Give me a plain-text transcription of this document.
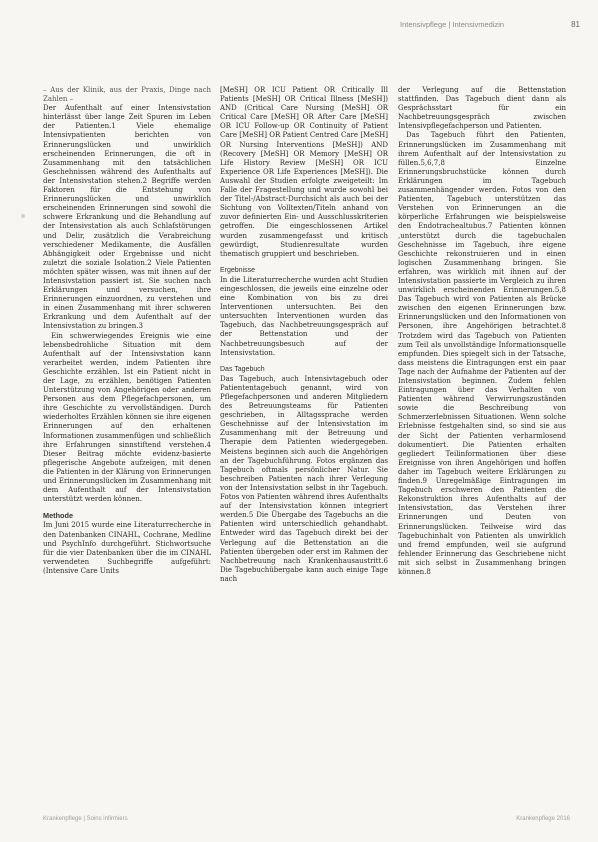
Intensivpflege | Intensivmedizin	81

– Aus der Klinik, aus der Praxis, Dinge nach Zahlen –

Der Aufenthalt auf einer Intensivstation hinterlässt über lange Zeit Spuren im Leben der Patienten.1 Viele ehemalige Intensivpatienten berichten von Erinnerungslücken und unwirklich erscheinenden Erinnerungen, die oft in Zusammenhang mit den tatsächlichen Geschehnissen während des Aufenthalts auf der Intensivstation stehen.2 Begriffe werden Faktoren für die Entstehung von Erinnerungslücken und unwirklich erscheinenden Erinnerungen sind sowohl die schwere Erkrankung und die Behandlung auf der Intensivstation als auch Schlafstörungen und Delir, zusätzlich die Verabreichung verschiedener Medikamente, die Ausfällen Abhängigkeit oder Ergebnisse und nicht zuletzt die soziale Isolation.2 Viele Patienten möchten später wissen, was mit ihnen auf der Intensivstation passiert ist. Sie suchen nach Erklärungen und versuchen, ihre Erinnerungen einzuordnen, zu verstehen und in einen Zusammenhang mit ihrer schweren Erkrankung und dem Aufenthalt auf der Intensivstation zu bringen.3

Ein schwerwiegendes Ereignis wie eine lebensbedrohliche Situation mit dem Aufenthalt auf der Intensivstation kann verarbeitet werden, indem Patienten ihre Geschichte erzählen. Ist ein Patient nicht in der Lage, zu erzählen, benötigen Patienten Unterstützung von Angehörigen oder anderen Personen aus dem Pflegefachpersonen, um ihre Geschichte zu vervollständigen. Durch wiederholtes Erzählen können sie ihre eigenen Erinnerungen auf den erhaltenen Informationen zusammenfügen und schließlich ihre Erfahrungen sinnstiftend verstehen.4 Dieser Beitrag möchte evidenz-basierte pflegerische Angebote aufzeigen, mit denen die Patienten in der Klärung von Erinnerungen und Erinnerungslücken im Zusammenhang mit dem Aufenthalt auf der Intensivstation unterstützt werden können.

Methode

Im Juni 2015 wurde eine Literaturrecherche in den Datenbanken CINAHL, Cochrane, Medline und PsychInfo durchgeführt. Stichwortsuche für die vier Datenbanken über die im CINAHL verwendeten Suchbegriffe aufgeführt: (Intensive Care Units

[MeSH] OR ICU Patient OR Critically Ill Patients [MeSH] OR Critical Illness [MeSH]) AND (Critical Care Nursing [MeSH] OR Critical Care [MeSH] OR After Care [MeSH] OR ICU Follow-up OR Continuity of Patient Care [MeSH] OR Patient Centred Care [MeSH] OR Nursing Interventions [MeSH]) AND (Recovery [MeSH] OR Memory [MeSH] OR Life History Review [MeSH] OR ICU Experience OR Life Experiences [MeSH]). Die Auswahl der Studien erfolgte zweigeteilt: Im Falle der Fragestellung und wurde sowohl bei der Titel-/Abstract-Durchsicht als auch bei der Sichtung von Volltexten/Titeln anhand von zuvor definierten Ein- und Ausschlusskriterien getroffen. Die eingeschlossenen Artikel wurden zusammengefasst und kritisch gewürdigt, Studienresultate wurden thematisch gruppiert und beschrieben.

Ergebnisse

In die Literaturrecherche wurden acht Studien eingeschlossen, die jeweils eine einzelne oder eine Kombination von bis zu drei Interventionen untersuchten. Bei den untersuchten Interventionen wurden das Tagebuch, das Nachbetreuungsgespräch auf der Bettenstation und der Nachbetreuungsbesuch auf der Intensivstation.

Das Tagebuch

Das Tagebuch, auch Intensivtagebuch oder Patiententagebuch genannt, wird von Pflegefachpersonen und anderen Mitgliedern des Betreuungsteams für Patienten geschrieben, in Alltagssprache werden Geschehnisse auf der Intensivstation im Zusammenhang mit der Betreuung und Therapie dem Patienten wiedergegeben. Meistens beginnen sich auch die Angehörigen an der Tagebuchführung. Fotos ergänzen das Tagebuch oftmals persönlicher Natur. Sie beschreiben Patienten nach ihrer Verlegung von der Intensivstation selbst in ihr Tagebuch. Fotos von Patienten während ihres Aufenthalts auf der Intensivstation können integriert werden.5 Die Übergabe des Tagebuchs an die Patienten wird unterschiedlich gehandhabt. Entweder wird das Tagebuch direkt bei der Verlegung auf die Bettenstation an die Patienten übergeben oder erst im Rahmen der Nachbetreuung nach Krankenhausaustritt.6 Die Tagebuchübergabe kann auch einige Tage nach

der Verlegung auf die Bettenstation stattfinden. Das Tagebuch dient dann als Gesprächsstart für ein Nachbetreuungsgespräch zwischen Intensivpflegefachperson und Patienten.

Das Tagebuch führt den Patienten, Erinnerungslücken im Zusammenhang mit ihrem Aufenthalt auf der Intensivstation zu füllen.5,6,7,8 Einzelne Erinnerungsbruchstücke können durch Erklärungen im Tagebuch zusammenhängender werden. Fotos von den Patienten, Tagebuch unterstützen das Verstehen von Erinnerungen an die körperliche Erfahrungen wie beispielsweise den Endotrachealtubus.7 Patienten können ,unterstützt durch die tagebuchalen Geschehnisse im Tagebuch, ihre eigene Geschichte rekonstruieren und in einen logischen Zusammenhang bringen. Sie erfahren, was wirklich mit ihnen auf der Intensivstation passierte im Vergleich zu ihren unwirklich erscheinenden Erinnerungen.5,8 Das Tagebuch wird von Patienten als Brücke zwischen den eigenen Erinnerungen bzw. Erinnerungslücken und den Informationen von Personen, ihre Angehörigen betrachtet.8 Trotzdem wird das Tagebuch von Patienten zum Teil als unvollständige Informationsquelle empfunden. Dies spiegelt sich in der Tatsache, dass meistens die Eintragungen erst ein paar Tage nach der Aufnahme der Patienten auf der Intensivstation beginnen. Zudem fehlen Eintragungen über das Verhalten von Patienten während Verwirrungszuständen sowie die Beschreibung von Schmerzerlebnissen Situationen. Wenn solche Erlebnisse festgehalten sind, so sind sie aus der Sicht der Patienten verharmlosend dokumentiert. Die Patienten erhalten gegliedert Teilinformationen über diese Ereignisse von ihren Angehörigen und hoffen daher im Tagebuch weitere Erklärungen zu finden.9 Unregelmäßige Eintragungen im Tagebuch erschweren den Patienten die Rekonstruktion ihres Aufenthalts auf der Intensivstation, das Verstehen ihrer Erinnerungen und Deuten von Erinnerungslücken. Teilweise wird das Tagebuchinhalt von Patienten als unwirklich und fremd empfunden, weil sie aufgrund fehlender Erinnerung das Geschriebene nicht mit sich selbst in Zusammenhang bringen können.8

Krankenpflege | Soins infirmiers	Krankenpflege 2016
